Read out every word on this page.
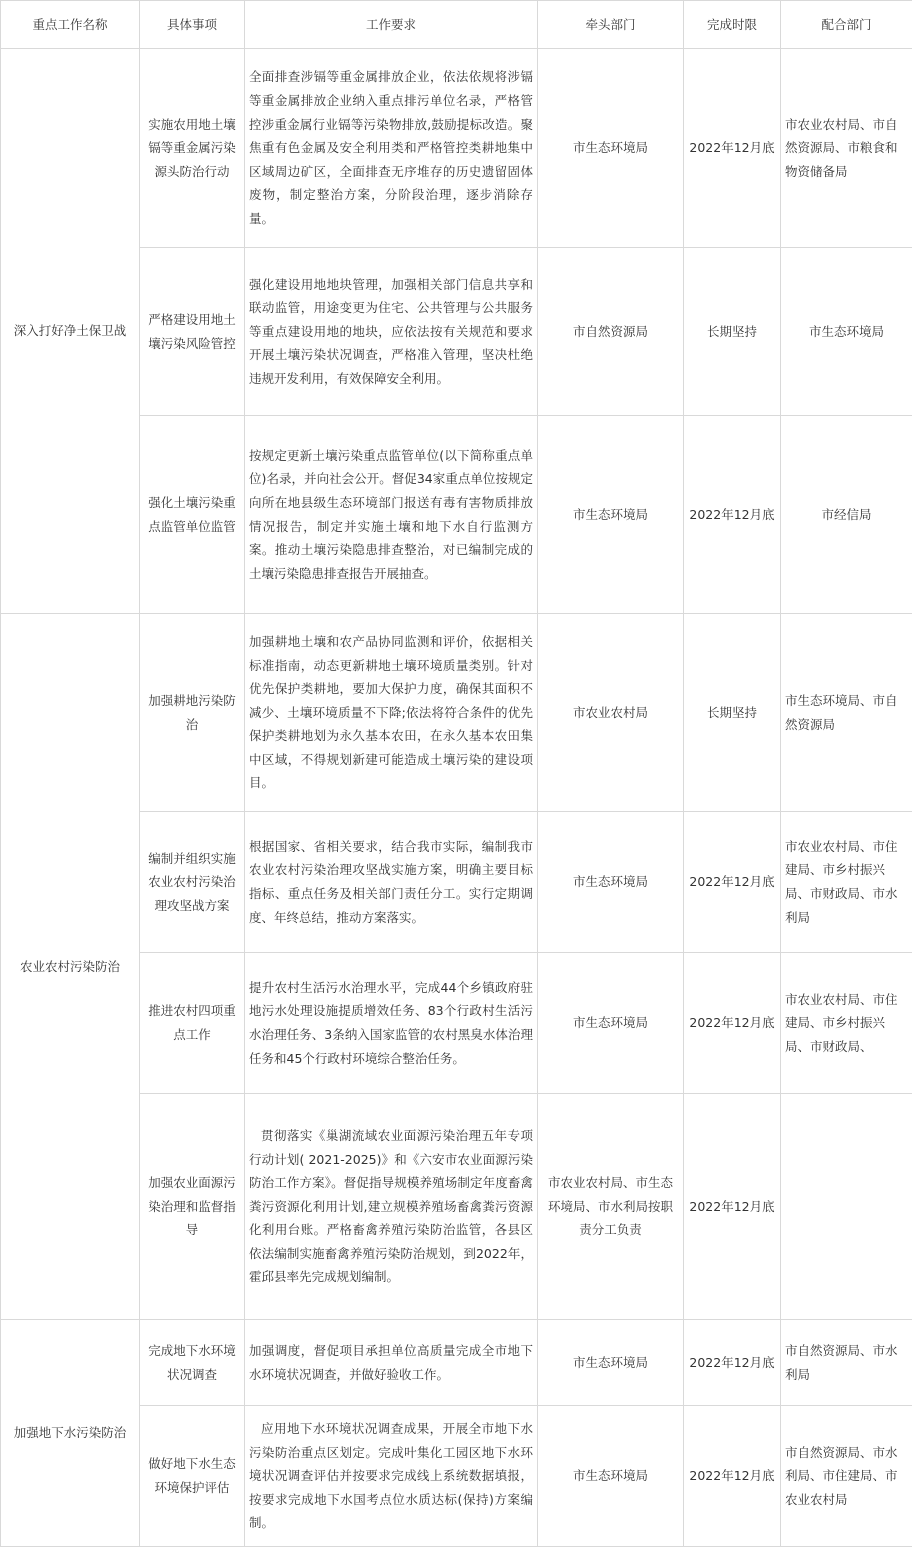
重点工作名称	具体事项	工作要求	牵头部门	完成时限	配合部门
深入打好净土保卫战	实施农用地土壤镉等重金属污染源头防治行动	全面排查涉镉等重金属排放企业，依法依规将涉镉等重金属排放企业纳入重点排污单位名录，严格管控涉重金属行业镉等污染物排放,鼓励提标改造。聚焦重有色金属及安全利用类和严格管控类耕地集中区域周边矿区，全面排查无序堆存的历史遗留固体废物，制定整治方案，分阶段治理，逐步消除存量。	市生态环境局	2022年12月底	市农业农村局、市自然资源局、市粮食和物资储备局
	严格建设用地土壤污染风险管控	强化建设用地地块管理，加强相关部门信息共享和联动监管，用途变更为住宅、公共管理与公共服务等重点建设用地的地块，应依法按有关规范和要求开展土壤污染状况调查，严格准入管理，坚决杜绝违规开发利用，有效保障安全利用。	市自然资源局	长期坚持	市生态环境局
	强化土壤污染重点监管单位监管	按规定更新土壤污染重点监管单位(以下简称重点单位)名录，并向社会公开。督促34家重点单位按规定向所在地县级生态环境部门报送有毒有害物质排放情况报告，制定并实施土壤和地下水自行监测方案。推动土壤污染隐患排查整治，对已编制完成的土壤污染隐患排查报告开展抽查。	市生态环境局	2022年12月底	市经信局
农业农村污染防治	加强耕地污染防治	加强耕地土壤和农产品协同监测和评价，依据相关标准指南，动态更新耕地土壤环境质量类别。针对优先保护类耕地，要加大保护力度，确保其面积不减少、土壤环境质量不下降;依法将符合条件的优先保护类耕地划为永久基本农田，在永久基本农田集中区域，不得规划新建可能造成土壤污染的建设项目。	市农业农村局	长期坚持	市生态环境局、市自然资源局
	编制并组织实施农业农村污染治理攻坚战方案	根据国家、省相关要求，结合我市实际，编制我市农业农村污染治理攻坚战实施方案，明确主要目标指标、重点任务及相关部门责任分工。实行定期调度、年终总结，推动方案落实。	市生态环境局	2022年12月底	市农业农村局、市住建局、市乡村振兴局、市财政局、市水利局
	推进农村四项重点工作	提升农村生活污水治理水平，完成44个乡镇政府驻地污水处理设施提质增效任务、83个行政村生活污水治理任务、3条纳入国家监管的农村黑臭水体治理任务和45个行政村环境综合整治任务。	市生态环境局	2022年12月底	市农业农村局、市住建局、市乡村振兴局、市财政局、
	加强农业面源污染治理和监督指导	贯彻落实《巢湖流域农业面源污染治理五年专项行动计划( 2021-2025)》和《六安市农业面源污染防治工作方案》。督促指导规模养殖场制定年度畜禽粪污资源化利用计划,建立规模养殖场畜禽粪污资源化利用台账。严格畜禽养殖污染防治监管，各县区依法编制实施畜禽养殖污染防治规划，到2022年，霍邱县率先完成规划编制。	市农业农村局、市生态环境局、市水利局按职责分工负责	2022年12月底	
加强地下水污染防治	完成地下水环境状况调查	加强调度，督促项目承担单位高质量完成全市地下水环境状况调查，并做好验收工作。	市生态环境局	2022年12月底	市自然资源局、市水利局
	做好地下水生态环境保护评估	应用地下水环境状况调查成果，开展全市地下水污染防治重点区划定。完成叶集化工园区地下水环境状况调查评估并按要求完成线上系统数据填报，按要求完成地下水国考点位水质达标(保持)方案编制。	市生态环境局	2022年12月底	市自然资源局、市水利局、市住建局、市农业农村局
